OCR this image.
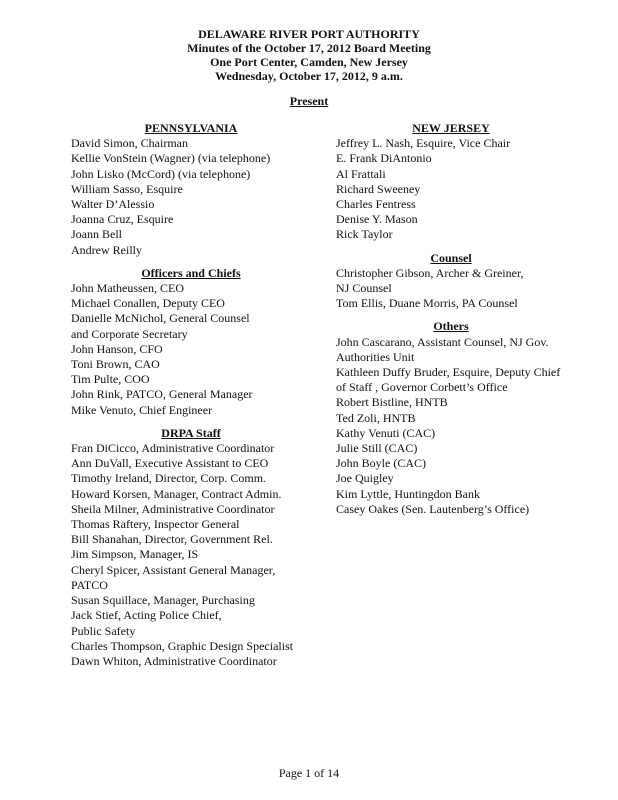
DELAWARE RIVER PORT AUTHORITY
Minutes of the October 17, 2012 Board Meeting
One Port Center, Camden, New Jersey
Wednesday, October 17, 2012, 9 a.m.
Present
PENNSYLVANIA
David Simon, Chairman
Kellie VonStein (Wagner) (via telephone)
John Lisko (McCord) (via telephone)
William Sasso, Esquire
Walter D’Alessio
Joanna Cruz, Esquire
Joann Bell
Andrew Reilly
Officers and Chiefs
John Matheussen, CEO
Michael Conallen, Deputy CEO
Danielle McNichol, General Counsel
and Corporate Secretary
John Hanson, CFO
Toni Brown, CAO
Tim Pulte, COO
John Rink, PATCO, General Manager
Mike Venuto, Chief Engineer
DRPA Staff
Fran DiCicco, Administrative Coordinator
Ann DuVall, Executive Assistant to CEO
Timothy Ireland, Director, Corp. Comm.
Howard Korsen, Manager, Contract Admin.
Sheila Milner, Administrative Coordinator
Thomas Raftery, Inspector General
Bill Shanahan, Director, Government Rel.
Jim Simpson, Manager, IS
Cheryl Spicer, Assistant General Manager,
PATCO
Susan Squillace, Manager, Purchasing
Jack Stief, Acting Police Chief,
Public Safety
Charles Thompson, Graphic Design Specialist
Dawn Whiton, Administrative Coordinator
NEW JERSEY
Jeffrey L. Nash, Esquire, Vice Chair
E. Frank DiAntonio
Al Frattali
Richard Sweeney
Charles Fentress
Denise Y. Mason
Rick Taylor
Counsel
Christopher Gibson, Archer & Greiner,
NJ Counsel
Tom Ellis, Duane Morris, PA Counsel
Others
John Cascarano, Assistant Counsel, NJ Gov.
Authorities Unit
Kathleen Duffy Bruder, Esquire, Deputy Chief
of Staff , Governor Corbett’s Office
Robert Bistline, HNTB
Ted Zoli, HNTB
Kathy Venuti (CAC)
Julie Still (CAC)
John Boyle (CAC)
Joe Quigley
Kim Lyttle, Huntingdon Bank
Casey Oakes (Sen. Lautenberg’s Office)
Page 1 of 14
